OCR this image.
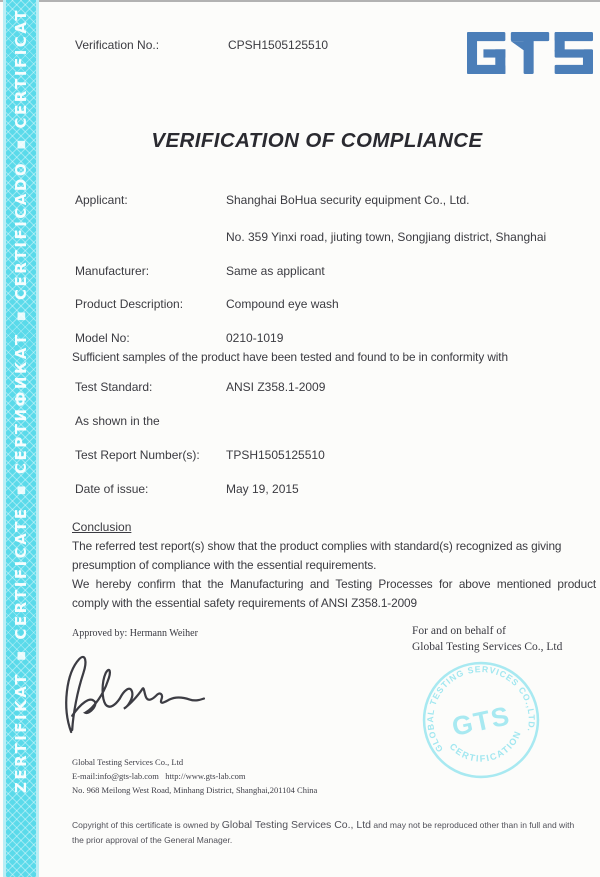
ZERTIFIKAT
■
CERTIFICATE
■
СЕРТИФИКАТ
■
CERTIFICADO
■
CERTIFICAT	Verification No.:	CPSH1505125510
VERIFICATION OF COMPLIANCE
Applicant:	Shanghai BoHua security equipment Co., Ltd.
No. 359 Yinxi road, jiuting town, Songjiang district, Shanghai
Manufacturer:	Same as applicant
Product Description:	Compound eye wash
Model No:	0210-1019
Sufficient samples of the product have been tested and found to be in conformity with
Test Standard:	ANSI Z358.1-2009
As shown in the
Test Report Number(s): TPSH1505125510
Date of issue:	May 19, 2015
Conclusion
The referred test report(s) show that the product complies with standard(s) recognized as giving
presumption of compliance with the essential requirements.
We hereby confirm that the Manufacturing and Testing Processes for above mentioned product
comply with the essential safety requirements of ANSI Z358.1-2009
Approved by: Hermann Weiher	For and on behalf of
Global Testing Services Co., Ltd
GLOBAL TESTING SERVICES CO.,LTD.
CERTIFICATION
GTS
Global Testing Services Co., Ltd
E-mail:info@gts-lab.com   http://www.gts-lab.com
No. 968 Meilong West Road, Minhang District, Shanghai,201104 China
Copyright of this certificate is owned by Global Testing Services Co., Ltd and may not be reproduced other than in full and with
the prior approval of the General Manager.
